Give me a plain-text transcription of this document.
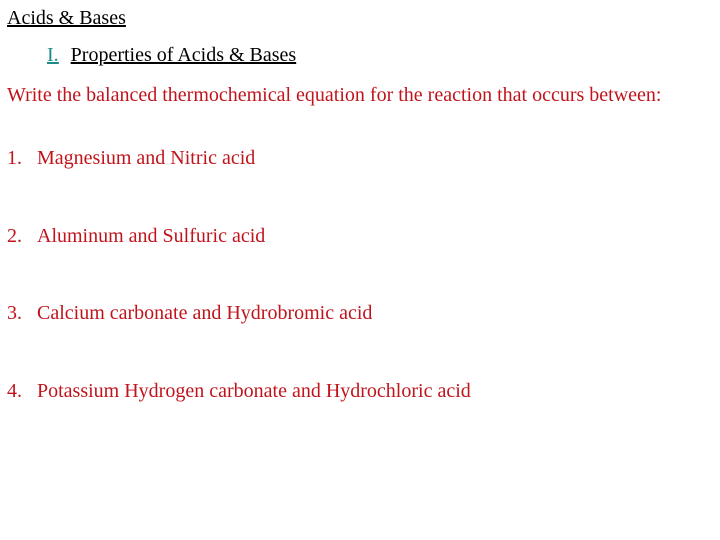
Acids & Bases
I. Properties of Acids & Bases
Write the balanced thermochemical equation for the reaction that occurs between:
1. Magnesium and Nitric acid
2. Aluminum and Sulfuric acid
3. Calcium carbonate and Hydrobromic acid
4. Potassium Hydrogen carbonate and Hydrochloric acid
